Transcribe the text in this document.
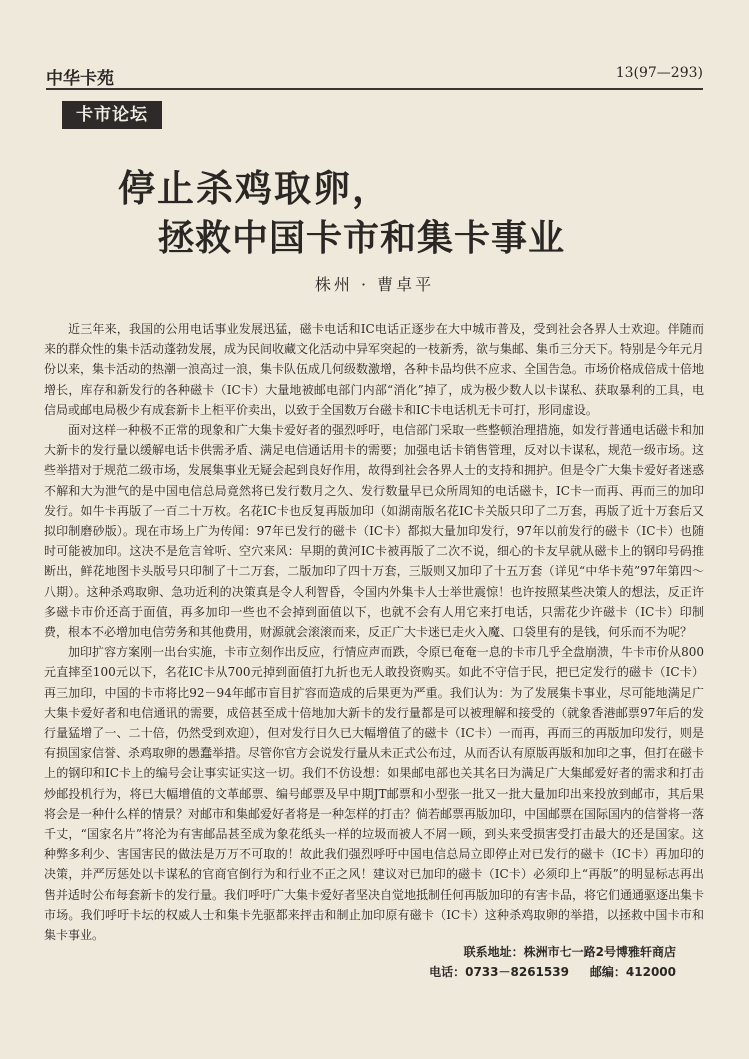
中华卡苑	13(97—293)
卡市论坛
停止杀鸡取卵，
拯救中国卡市和集卡事业
株州 · 曹卓平

近三年来，我国的公用电话事业发展迅猛，磁卡电话和IC电话正逐步在大中城市普及，受到社会各界人士欢迎。伴随而来的群众性的集卡活动蓬勃发展，成为民间收藏文化活动中异军突起的一枝新秀，欲与集邮、集币三分天下。特别是今年元月份以来，集卡活动的热潮一浪高过一浪，集卡队伍成几何级数激增，各种卡品均供不应求、全国告急。市场价格成倍成十倍地增长，库存和新发行的各种磁卡（IC卡）大量地被邮电部门内部“消化”掉了，成为极少数人以卡谋私、获取暴利的工具，电信局或邮电局极少有成套新卡上柜平价卖出，以致于全国数万台磁卡和IC卡电话机无卡可打，形同虚设。

面对这样一种极不正常的现象和广大集卡爱好者的强烈呼吁，电信部门采取一些整顿治理措施，如发行普通电话磁卡和加大新卡的发行量以缓解电话卡供需矛盾、满足电信通话用卡的需要；加强电话卡销售管理，反对以卡谋私，规范一级市场。这些举措对于规范二级市场，发展集事业无疑会起到良好作用，故得到社会各界人士的支持和拥护。但是令广大集卡爱好者迷惑不解和大为泄气的是中国电信总局竟然将已发行数月之久、发行数量早已众所周知的电话磁卡，IC卡一而再、再而三的加印发行。如牛卡再版了一百二十万枚。名花IC卡也反复再版加印（如湖南版名花IC卡关版只印了二万套，再版了近十万套后又拟印制磨砂版）。现在市场上广为传闻：97年已发行的磁卡（IC卡）都拟大量加印发行，97年以前发行的磁卡（IC卡）也随时可能被加印。这决不是危言耸听、空穴来风：早期的黄河IC卡被再版了二次不说，细心的卡友早就从磁卡上的钢印号码推断出，鲜花地图卡头版号只印制了十二万套，二版加印了四十万套，三版则又加印了十五万套（详见“中华卡苑”97年第四～八期）。这种杀鸡取卵、急功近利的决策真是令人利智昏，令国内外集卡人士举世震惊！也许按照某些决策人的想法，反正许多磁卡市价还高于面值，再多加印一些也不会掉到面值以下，也就不会有人用它来打电话，只需花少许磁卡（IC卡）印制费，根本不必增加电信劳务和其他费用，财源就会滚滚而来，反正广大卡迷已走火入魔、口袋里有的是钱，何乐而不为呢？

加印扩容方案刚一出台实施，卡市立刻作出反应，行情应声而跌，令原已奄奄一息的卡市几乎全盘崩溃，牛卡市价从800元直摔至100元以下，名花IC卡从700元掉到面值打九折也无人敢投资购买。如此不守信于民，把已定发行的磁卡（IC卡）再三加印，中国的卡市将比92－94年邮市盲目扩容而造成的后果更为严重。我们认为：为了发展集卡事业，尽可能地满足广大集卡爱好者和电信通讯的需要，成倍甚至成十倍地加大新卡的发行量都是可以被理解和接受的（就象香港邮票97年后的发行量猛增了一、二十倍，仍然受到欢迎），但对发行日久已大幅增值了的磁卡（IC卡）一而再，再而三的再版加印发行，则是有损国家信誉、杀鸡取卵的愚蠢举措。尽管你官方会说发行量从未正式公布过，从而否认有原版再版和加印之事，但打在磁卡上的钢印和IC卡上的编号会让事实证实这一切。我们不仿设想：如果邮电部也关其名曰为满足广大集邮爱好者的需求和打击炒邮投机行为，将已大幅增值的文革邮票、编号邮票及早中期JT邮票和小型张一批又一批大量加印出来投放到邮市，其后果将会是一种什么样的情景？对邮市和集邮爱好者将是一种怎样的打击？倘若邮票再版加印，中国邮票在国际国内的信誉将一落千丈，“国家名片”将沦为有害邮品甚至成为象花纸头一样的垃圾而被人不屑一顾，到头来受损害受打击最大的还是国家。这种弊多利少、害国害民的做法是万万不可取的！故此我们强烈呼吁中国电信总局立即停止对已发行的磁卡（IC卡）再加印的决策，并严厉惩处以卡谋私的官商官倒行为和行业不正之风！建议对已加印的磁卡（IC卡）必须印上“再版”的明显标志再出售并适时公布每套新卡的发行量。我们呼吁广大集卡爱好者坚决自觉地抵制任何再版加印的有害卡品，将它们通通驱逐出集卡市场。我们呼吁卡坛的权威人士和集卡先驱都来抨击和制止加印原有磁卡（IC卡）这种杀鸡取卵的举措，以拯救中国卡市和集卡事业。

联系地址：株洲市七一路2号博雅轩商店
电话：0733－8261539 邮编：412000
